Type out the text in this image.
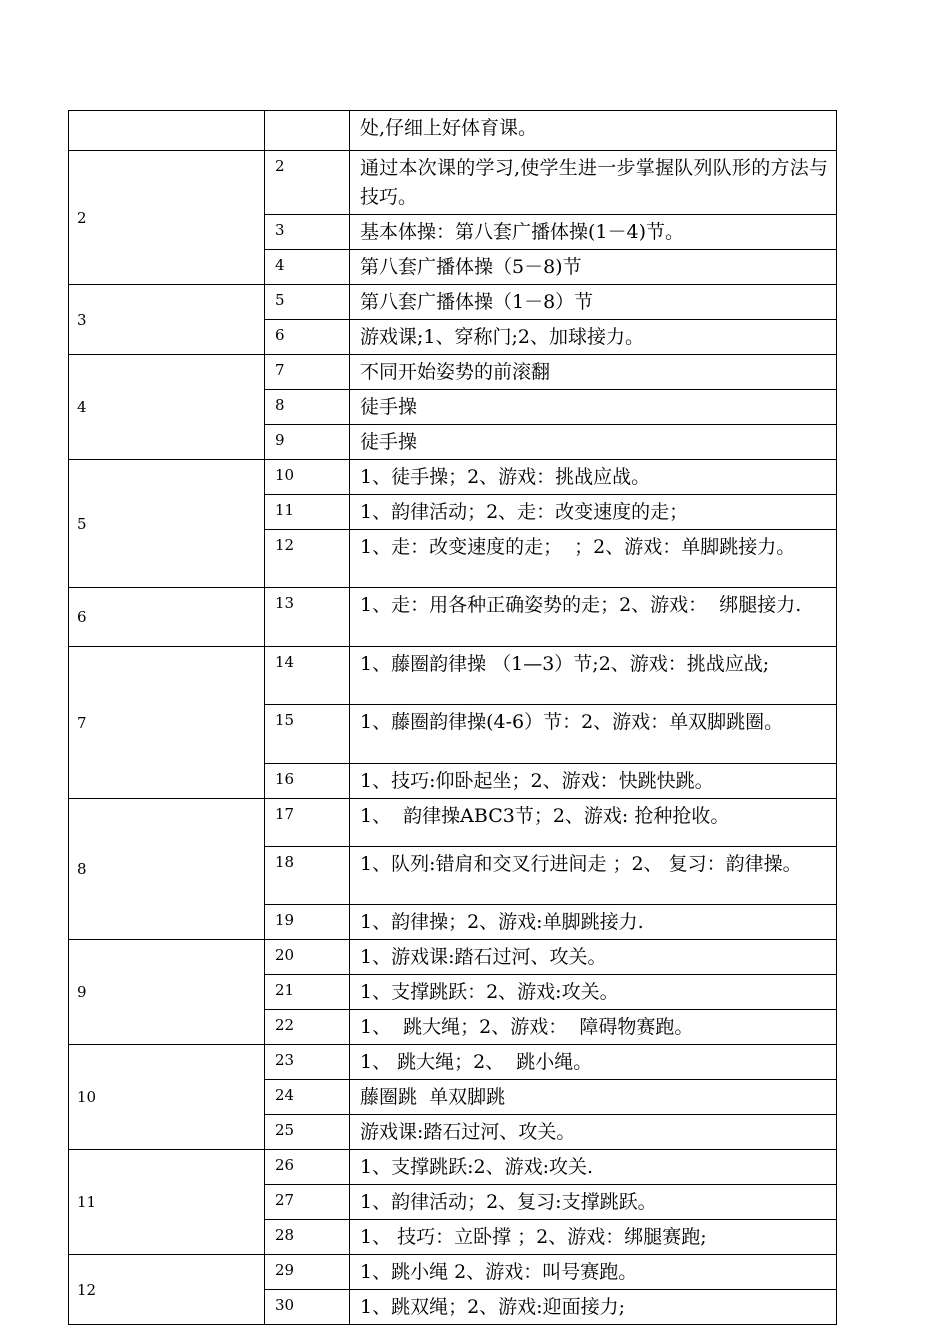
		处,仔细上好体育课。
2	2	通过本次课的学习,使学生进一步掌握队列队形的方法与技巧。
	3	基本体操：第八套广播体操(1－4)节。
	4	第八套广播体操（5－8)节
3	5	第八套广播体操（1－8）节
	6	游戏课;1、穿称门;2、加球接力。
4	7	不同开始姿势的前滚翻
	8	徒手操
	9	徒手操
5	10	1、徒手操；2、游戏：挑战应战。
	11	1、韵律活动；2、走：改变速度的走；
	12	1、走：改变速度的走；  ；2、游戏：单脚跳接力。
6	13	1、走：用各种正确姿势的走；2、游戏：  绑腿接力.
7	14	1、藤圈韵律操 （1—3）节;2、游戏：挑战应战;
	15	1、藤圈韵律操(4-6）节：2、游戏：单双脚跳圈。
	16	1、技巧:仰卧起坐；2、游戏：快跳快跳。
8	17	1、  韵律操ABC3节；2、游戏: 抢种抢收。
	18	1、队列:错肩和交叉行进间走 ；2、 复习：韵律操。
	19	1、韵律操；2、游戏:单脚跳接力.
9	20	1、游戏课:踏石过河、攻关。
	21	1、支撑跳跃：2、游戏:攻关。
	22	1、  跳大绳；2、游戏：  障碍物赛跑。
10	23	1、 跳大绳；2、  跳小绳。
	24	藤圈跳  单双脚跳
	25	游戏课:踏石过河、攻关。
11	26	1、支撑跳跃:2、游戏:攻关.
	27	1、韵律活动；2、复习:支撑跳跃。
	28	1、 技巧：立卧撑 ；2、游戏：绑腿赛跑;
12	29	1、跳小绳 2、游戏：叫号赛跑。
	30	1、跳双绳；2、游戏:迎面接力;
